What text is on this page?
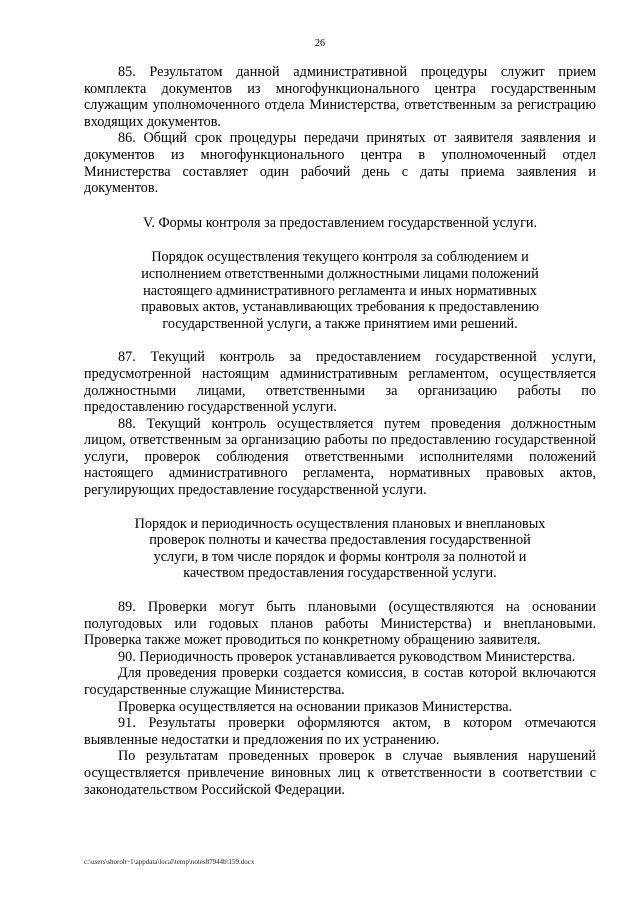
26

85. Результатом данной административной процедуры служит прием комплекта документов из многофункционального центра государственным служащим уполномоченного отдела Министерства, ответственным за регистрацию входящих документов.

86. Общий срок процедуры передачи принятых от заявителя заявления и документов из многофункционального центра в уполномоченный отдел Министерства составляет один рабочий день с даты приема заявления и документов.

V. Формы контроля за предоставлением государственной услуги.

Порядок осуществления текущего контроля за соблюдением и исполнением ответственными должностными лицами положений настоящего административного регламента и иных нормативных правовых актов, устанавливающих требования к предоставлению государственной услуги, а также принятием ими решений.

87. Текущий контроль за предоставлением государственной услуги, предусмотренной настоящим административным регламентом, осуществляется должностными лицами, ответственными за организацию работы по предоставлению государственной услуги.

88. Текущий контроль осуществляется путем проведения должностным лицом, ответственным за организацию работы по предоставлению государственной услуги, проверок соблюдения ответственными исполнителями положений настоящего административного регламента, нормативных правовых актов, регулирующих предоставление государственной услуги.

Порядок и периодичность осуществления плановых и внеплановых проверок полноты и качества предоставления государственной услуги, в том числе порядок и формы контроля за полнотой и качеством предоставления государственной услуги.

89. Проверки могут быть плановыми (осуществляются на основании полугодовых или годовых планов работы Министерства) и внеплановыми. Проверка также может проводиться по конкретному обращению заявителя.

90. Периодичность проверок устанавливается руководством Министерства.

Для проведения проверки создается комиссия, в состав которой включаются государственные служащие Министерства.

Проверка осуществляется на основании приказов Министерства.

91. Результаты проверки оформляются актом, в котором отмечаются выявленные недостатки и предложения по их устранению.

По результатам проведенных проверок в случае выявления нарушений осуществляется привлечение виновных лиц к ответственности в соответствии с законодательством Российской Федерации.

c:\users\shoroh~1\appdata\local\temp\notes87944b\159.docx
